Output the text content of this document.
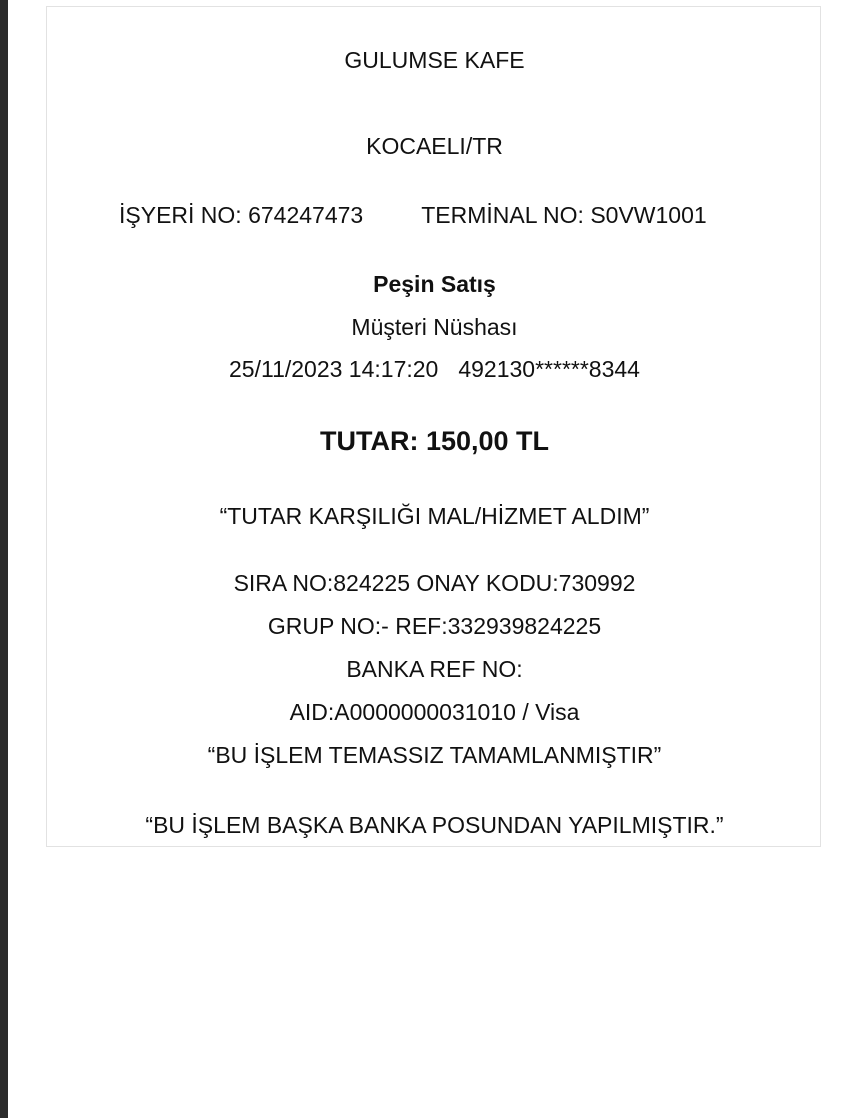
GULUMSE KAFE
KOCAELI/TR
İŞYERİ NO: 674247473	TERMİNAL NO: S0VW1001
Peşin Satış
Müşteri Nüshası
25/11/2023 14:17:20 492130******8344
TUTAR: 150,00 TL
“TUTAR KARŞILIĞI MAL/HİZMET ALDIM”
SIRA NO:824225 ONAY KODU:730992
GRUP NO:- REF:332939824225
BANKA REF NO:
AID:A0000000031010 / Visa
“BU İŞLEM TEMASSIZ TAMAMLANMIŞTIR”
“BU İŞLEM BAŞKA BANKA POSUNDAN YAPILMIŞTIR.”
